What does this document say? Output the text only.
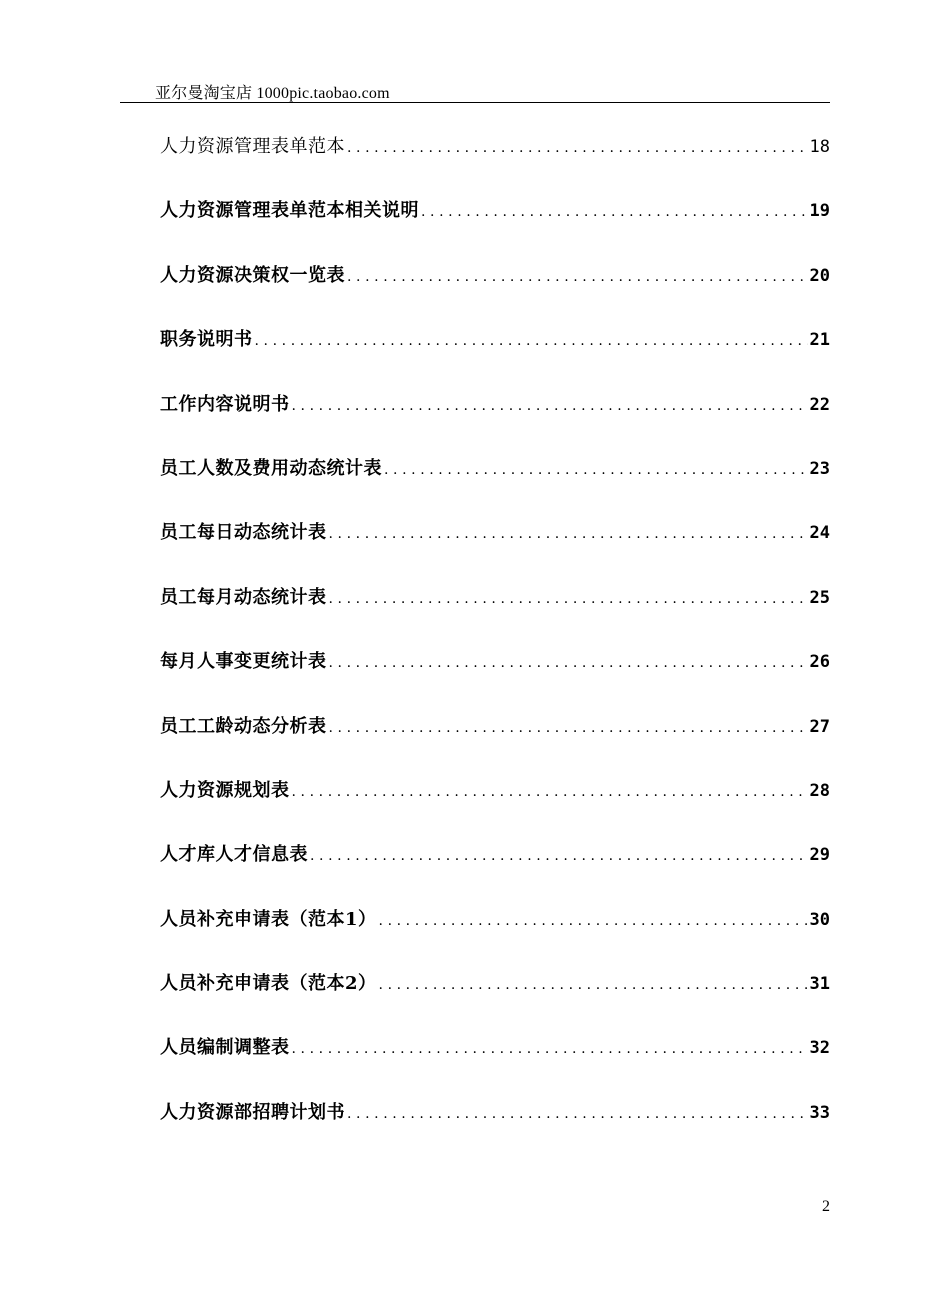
亚尔曼淘宝店 1000pic.taobao.com
人力资源管理表单范本 .....	18
人力资源管理表单范本相关说明 .....	19
人力资源决策权一览表 .....	20
职务说明书 .....	21
工作内容说明书 .....	22
员工人数及费用动态统计表 .....	23
员工每日动态统计表 .....	24
员工每月动态统计表 .....	25
每月人事变更统计表 .....	26
员工工龄动态分析表 .....	27
人力资源规划表 .....	28
人才库人才信息表 .....	29
人员补充申请表（范本1） .....	30
人员补充申请表（范本2） .....	31
人员编制调整表 .....	32
人力资源部招聘计划书 .....	33
2
